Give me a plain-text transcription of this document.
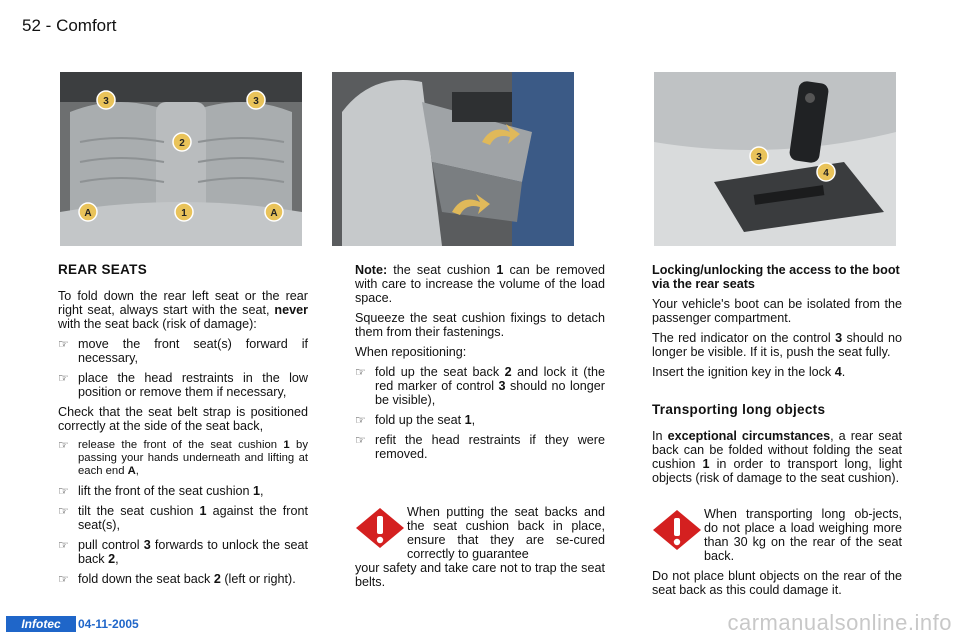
52 - Comfort
3	3
2
1
A	A
3
4
REAR SEATS

To fold down the rear left seat or the rear right seat, always start with the seat, never with the seat back (risk of damage):

☞ move the front seat(s) forward if necessary,
☞ place the head restraints in the low position or remove them if necessary,

Check that the seat belt strap is positioned correctly at the side of the seat back,

☞ release the front of the seat cushion 1 by passing your hands underneath and lifting at each end A,
☞ lift the front of the seat cushion 1,
☞ tilt the seat cushion 1 against the front seat(s),
☞ pull control 3 forwards to unlock the seat back 2,
☞ fold down the seat back 2 (left or right).

Note: the seat cushion 1 can be removed with care to increase the volume of the load space.

Squeeze the seat cushion fixings to detach them from their fastenings.

When repositioning:

☞ fold up the seat back 2 and lock it (the red marker of control 3 should no longer be visible),
☞ fold up the seat 1,
☞ refit the head restraints if they were removed.

When putting the seat backs and the seat cushion back in place, ensure that they are se-cured correctly to guarantee

your safety and take care not to trap the seat belts.

Locking/unlocking the access to the boot via the rear seats

Your vehicle's boot can be isolated from the passenger compartment.

The red indicator on the control 3 should no longer be visible. If it is, push the seat fully.

Insert the ignition key in the lock 4.

Transporting long objects

In exceptional circumstances, a rear seat back can be folded without folding the seat cushion 1 in order to transport long, light objects (risk of damage to the seat cushion).

When transporting long ob-jects, do not place a load weighing more than 30 kg on the rear of the seat back.

Do not place blunt objects on the rear of the seat back as this could damage it.

Infotec	04-11-2005	carmanualsonline.info
